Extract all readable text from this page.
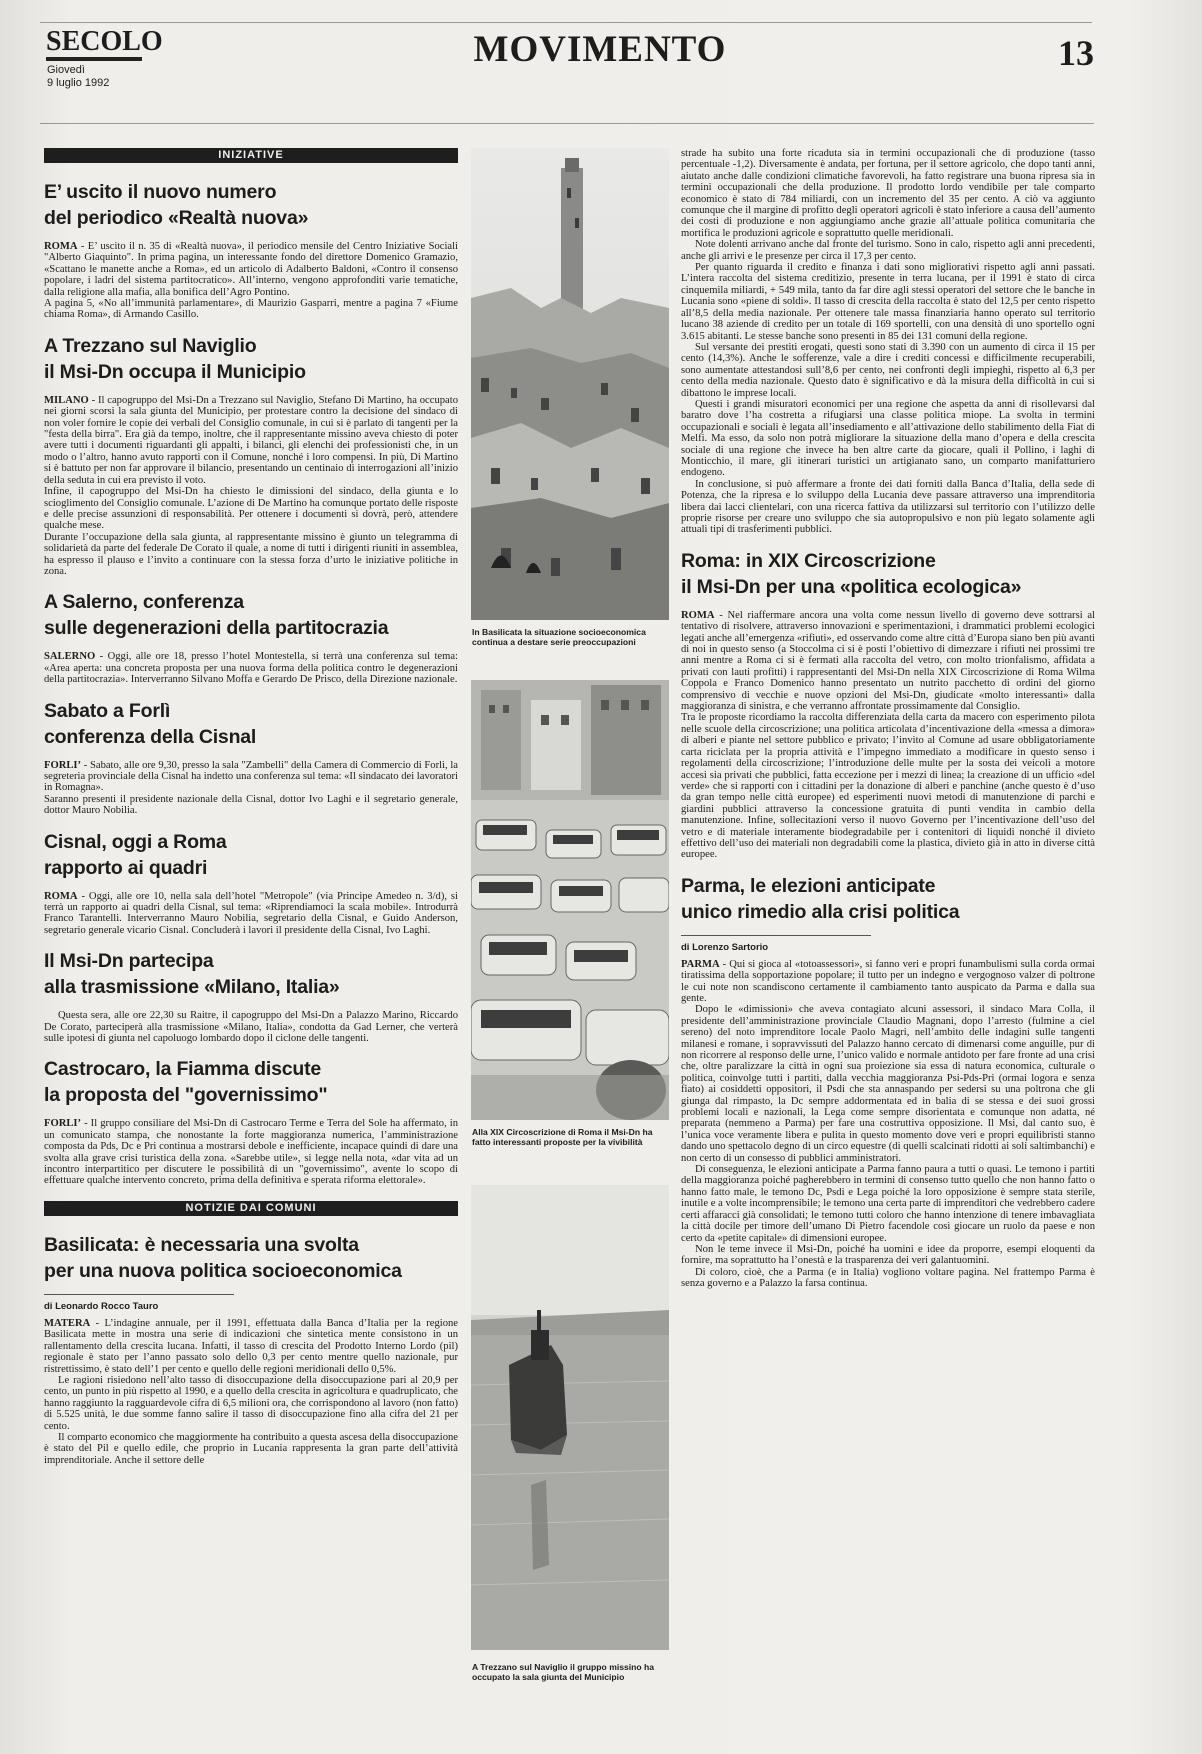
SECOLO
Giovedì
9 luglio 1992
MOVIMENTO	13
INIZIATIVE
E’ uscito il nuovo numero
del periodico «Realtà nuova»

ROMA - E’ uscito il n. 35 di «Realtà nuova», il periodico mensile del Centro Iniziative Sociali "Alberto Giaquinto". In prima pagina, un interessante fondo del direttore Domenico Gramazio, «Scattano le manette anche a Roma», ed un articolo di Adalberto Baldoni, «Contro il consenso popolare, i ladri del sistema partitocratico». All’interno, vengono approfonditi varie tematiche, dalla religione alla mafia, alla bonifica dell’Agro Pontino.

A pagina 5, «No all’immunità parlamentare», di Maurizio Gasparri, mentre a pagina 7 «Fiume chiama Roma», di Armando Casillo.

A Trezzano sul Naviglio
il Msi-Dn occupa il Municipio

MILANO - Il capogruppo del Msi-Dn a Trezzano sul Naviglio, Stefano Di Martino, ha occupato nei giorni scorsi la sala giunta del Municipio, per protestare contro la decisione del sindaco di non voler fornire le copie dei verbali del Consiglio comunale, in cui si è parlato di tangenti per la "festa della birra". Era già da tempo, inoltre, che il rappresentante missino aveva chiesto di poter avere tutti i documenti riguardanti gli appalti, i bilanci, gli elenchi dei professionisti che, in un modo o l’altro, hanno avuto rapporti con il Comune, nonché i loro compensi. In più, Di Martino si è battuto per non far approvare il bilancio, presentando un centinaio di interrogazioni all’inizio della seduta in cui era previsto il voto.

Infine, il capogruppo del Msi-Dn ha chiesto le dimissioni del sindaco, della giunta e lo scioglimento del Consiglio comunale. L’azione di De Martino ha comunque portato delle risposte e delle precise assunzioni di responsabilità. Per ottenere i documenti si dovrà, però, attendere qualche mese.

Durante l’occupazione della sala giunta, al rappresentante missino è giunto un telegramma di solidarietà da parte del federale De Corato il quale, a nome di tutti i dirigenti riuniti in assemblea, ha espresso il plauso e l’invito a continuare con la stessa forza d’urto le iniziative politiche in zona.

A Salerno, conferenza
sulle degenerazioni della partitocrazia

SALERNO - Oggi, alle ore 18, presso l’hotel Montestella, si terrà una conferenza sul tema: «Area aperta: una concreta proposta per una nuova forma della politica contro le degenerazioni della partitocrazia». Interverranno Silvano Moffa e Gerardo De Prisco, della Direzione nazionale.

Sabato a Forlì
conferenza della Cisnal

FORLI’ - Sabato, alle ore 9,30, presso la sala "Zambelli" della Camera di Commercio di Forlì, la segreteria provinciale della Cisnal ha indetto una conferenza sul tema: «Il sindacato dei lavoratori in Romagna».

Saranno presenti il presidente nazionale della Cisnal, dottor Ivo Laghi e il segretario generale, dottor Mauro Nobilia.

Cisnal, oggi a Roma
rapporto ai quadri

ROMA - Oggi, alle ore 10, nella sala dell’hotel "Metropole" (via Principe Amedeo n. 3/d), si terrà un rapporto ai quadri della Cisnal, sul tema: «Riprendiamoci la scala mobile». Introdurrà Franco Tarantelli. Interverranno Mauro Nobilia, segretario della Cisnal, e Guido Anderson, segretario generale vicario Cisnal. Concluderà i lavori il presidente della Cisnal, Ivo Laghi.

Il Msi-Dn partecipa
alla trasmissione «Milano, Italia»

Questa sera, alle ore 22,30 su Raitre, il capogruppo del Msi-Dn a Palazzo Marino, Riccardo De Corato, parteciperà alla trasmissione «Milano, Italia», condotta da Gad Lerner, che verterà sulle ipotesi di giunta nel capoluogo lombardo dopo il ciclone delle tangenti.

Castrocaro, la Fiamma discute
la proposta del "governissimo"

FORLI’ - Il gruppo consiliare del Msi-Dn di Castrocaro Terme e Terra del Sole ha affermato, in un comunicato stampa, che nonostante la forte maggioranza numerica, l’amministrazione composta da Pds, Dc e Pri continua a mostrarsi debole e inefficiente, incapace quindi di dare una svolta alla grave crisi turistica della zona. «Sarebbe utile», si legge nella nota, «dar vita ad un incontro interpartitico per discutere le possibilità di un "governissimo", avente lo scopo di effettuare qualche intervento concreto, prima della definitiva e sperata riforma elettorale».

NOTIZIE DAI COMUNI
Basilicata: è necessaria una svolta
per una nuova politica socioeconomica
di Leonardo Rocco Tauro

MATERA - L’indagine annuale, per il 1991, effettuata dalla Banca d’Italia per la regione Basilicata mette in mostra una serie di indicazioni che sintetica mente consistono in un rallentamento della crescita lucana. Infatti, il tasso di crescita del Prodotto Interno Lordo (pil) regionale è stato per l’anno passato solo dello 0,3 per cento mentre quello nazionale, pur ristrettissimo, è stato dell’1 per cento e quello delle regioni meridionali dello 0,5%.

Le ragioni risiedono nell’alto tasso di disoccupazione della disoccupazione pari al 20,9 per cento, un punto in più rispetto al 1990, e a quello della crescita in agricoltura e quadruplicato, che hanno raggiunto la ragguardevole cifra di 6,5 milioni ora, che corrispondono al lavoro (non fatto) di 5.525 unità, le due somme fanno salire il tasso di disoccupazione fino alla cifra del 21 per cento.

Il comparto economico che maggiormente ha contribuito a questa ascesa della disoccupazione è stato del Pil e quello edile, che proprio in Lucania rappresenta la gran parte dell’attività imprenditoriale. Anche il settore delle

In Basilicata la situazione socioeconomica continua a destare serie preoccupazioni
Alla XIX Circoscrizione di Roma il Msi-Dn ha fatto interessanti proposte per la vivibilità
A Trezzano sul Naviglio il gruppo missino ha occupato la sala giunta del Municipio

strade ha subito una forte ricaduta sia in termini occupazionali che di produzione (tasso percentuale -1,2). Diversamente è andata, per fortuna, per il settore agricolo, che dopo tanti anni, aiutato anche dalle condizioni climatiche favorevoli, ha fatto registrare una buona ripresa sia in termini occupazionali che della produzione. Il prodotto lordo vendibile per tale comparto economico è stato di 784 miliardi, con un incremento del 35 per cento. A ciò va aggiunto comunque che il margine di profitto degli operatori agricoli è stato inferiore a causa dell’aumento dei costi di produzione e non aggiungiamo anche grazie all’attuale politica comunitaria che mortifica le produzioni agricole e soprattutto quelle meridionali.

Note dolenti arrivano anche dal fronte del turismo. Sono in calo, rispetto agli anni precedenti, anche gli arrivi e le presenze per circa il 17,3 per cento.

Per quanto riguarda il credito e finanza i dati sono migliorativi rispetto agli anni passati. L’intera raccolta del sistema creditizio, presente in terra lucana, per il 1991 è stato di circa cinquemila miliardi, + 549 mila, tanto da far dire agli stessi operatori del settore che le banche in Lucania sono «piene di soldi». Il tasso di crescita della raccolta è stato del 12,5 per cento rispetto all’8,5 della media nazionale. Per ottenere tale massa finanziaria hanno operato sul territorio lucano 38 aziende di credito per un totale di 169 sportelli, con una densità di uno sportello ogni 3.615 abitanti. Le stesse banche sono presenti in 85 dei 131 comuni della regione.

Sul versante dei prestiti erogati, questi sono stati di 3.390 con un aumento di circa il 15 per cento (14,3%). Anche le sofferenze, vale a dire i crediti concessi e difficilmente recuperabili, sono aumentate attestandosi sull’8,6 per cento, nei confronti degli impieghi, rispetto al 6,3 per cento della media nazionale. Questo dato è significativo e dà la misura della difficoltà in cui si dibattono le imprese locali.

Questi i grandi misuratori economici per una regione che aspetta da anni di risollevarsi dal baratro dove l’ha costretta a rifugiarsi una classe politica miope. La svolta in termini occupazionali e sociali è legata all’insediamento e all’attivazione dello stabilimento della Fiat di Melfi. Ma esso, da solo non potrà migliorare la situazione della mano d’opera e della crescita sociale di una regione che invece ha ben altre carte da giocare, quali il Pollino, i laghi di Monticchio, il mare, gli itinerari turistici un artigianato sano, un comparto manifatturiero endogeno.

In conclusione, si può affermare a fronte dei dati forniti dalla Banca d’Italia, della sede di Potenza, che la ripresa e lo sviluppo della Lucania deve passare attraverso una imprenditoria libera dai lacci clientelari, con una ricerca fattiva da utilizzarsi sul territorio con l’utilizzo delle proprie risorse per creare uno sviluppo che sia autopropulsivo e non più legato solamente agli attuali tipi di trasferimenti pubblici.

Roma: in XIX Circoscrizione
il Msi-Dn per una «politica ecologica»

ROMA - Nel riaffermare ancora una volta come nessun livello di governo deve sottrarsi al tentativo di risolvere, attraverso innovazioni e sperimentazioni, i drammatici problemi ecologici legati anche all’emergenza «rifiuti», ed osservando come altre città d’Europa siano ben più avanti di noi in questo senso (a Stoccolma ci si è posti l’obiettivo di dimezzare i rifiuti nei prossimi tre anni mentre a Roma ci si è fermati alla raccolta del vetro, con molto trionfalismo, affidata a privati con lauti profitti) i rappresentanti del Msi-Dn nella XIX Circoscrizione di Roma Wilma Coppola e Franco Domenico hanno presentato un nutrito pacchetto di ordini del giorno comprensivo di vecchie e nuove opzioni del Msi-Dn, giudicate «molto interessanti» dalla maggioranza di sinistra, e che verranno affrontate prossimamente dal Consiglio.

Tra le proposte ricordiamo la raccolta differenziata della carta da macero con esperimento pilota nelle scuole della circoscrizione; una politica articolata d’incentivazione della «messa a dimora» di alberi e piante nel settore pubblico e privato; l’invito al Comune ad usare obbligatoriamente carta riciclata per la propria attività e l’impegno immediato a modificare in questo senso i regolamenti della circoscrizione; l’introduzione delle multe per la sosta dei veicoli a motore accesi sia privati che pubblici, fatta eccezione per i mezzi di linea; la creazione di un ufficio «del verde» che si rapporti con i cittadini per la donazione di alberi e panchine (anche questo è d’uso da gran tempo nelle città europee) ed esperimenti nuovi metodi di manutenzione di parchi e giardini pubblici attraverso la concessione gratuita di punti vendita in cambio della manutenzione. Infine, sollecitazioni verso il nuovo Governo per l’incentivazione dell’uso del vetro e di materiale interamente biodegradabile per i contenitori di liquidi nonché il divieto effettivo dell’uso dei materiali non degradabili come la plastica, divieto già in atto in diverse città europee.

Parma, le elezioni anticipate
unico rimedio alla crisi politica
di Lorenzo Sartorio

PARMA - Qui si gioca al «totoassessori», si fanno veri e propri funambulismi sulla corda ormai tiratissima della sopportazione popolare; il tutto per un indegno e vergognoso valzer di poltrone le cui note non scandiscono certamente il cambiamento tanto auspicato da Parma e dalla sua gente.

Dopo le «dimissioni» che aveva contagiato alcuni assessori, il sindaco Mara Colla, il presidente dell’amministrazione provinciale Claudio Magnani, dopo l’arresto (fulmine a ciel sereno) del noto imprenditore locale Paolo Magri, nell’ambito delle indagini sulle tangenti milanesi e romane, i sopravvissuti del Palazzo hanno cercato di dimenarsi come anguille, pur di non ricorrere al responso delle urne, l’unico valido e normale antidoto per fare fronte ad una crisi che, oltre paralizzare la città in ogni sua proiezione sia essa di natura economica, culturale o politica, coinvolge tutti i partiti, dalla vecchia maggioranza Psi-Pds-Pri (ormai logora e senza fiato) ai cosiddetti oppositori, il Psdi che sta annaspando per sedersi su una poltrona che gli giunga dal rimpasto, la Dc sempre addormentata ed in balia di se stessa e dei suoi grossi problemi locali e nazionali, la Lega come sempre disorientata e comunque non adatta, né preparata (nemmeno a Parma) per fare una costruttiva opposizione. Il Msi, dal canto suo, è l’unica voce veramente libera e pulita in questo momento dove veri e propri equilibristi stanno dando uno spettacolo degno di un circo equestre (di quelli scalcinati ridotti ai soli saltimbanchi) e non certo di un consesso di pubblici amministratori.

Di conseguenza, le elezioni anticipate a Parma fanno paura a tutti o quasi. Le temono i partiti della maggioranza poiché pagherebbero in termini di consenso tutto quello che non hanno fatto o hanno fatto male, le temono Dc, Psdi e Lega poiché la loro opposizione è sempre stata sterile, inutile e a volte incomprensibile; le temono una certa parte di imprenditori che vedrebbero cadere certi affaracci già consolidati; le temono tutti coloro che hanno intenzione di tenere imbavagliata la città docile per timore dell’umano Di Pietro facendole così giocare un ruolo da paese e non certo da «petite capitale» di dimensioni europee.

Non le teme invece il Msi-Dn, poiché ha uomini e idee da proporre, esempi eloquenti da fornire, ma soprattutto ha l’onestà e la trasparenza dei veri galantuomini.

Di coloro, cioè, che a Parma (e in Italia) vogliono voltare pagina. Nel frattempo Parma è senza governo e a Palazzo la farsa continua.
